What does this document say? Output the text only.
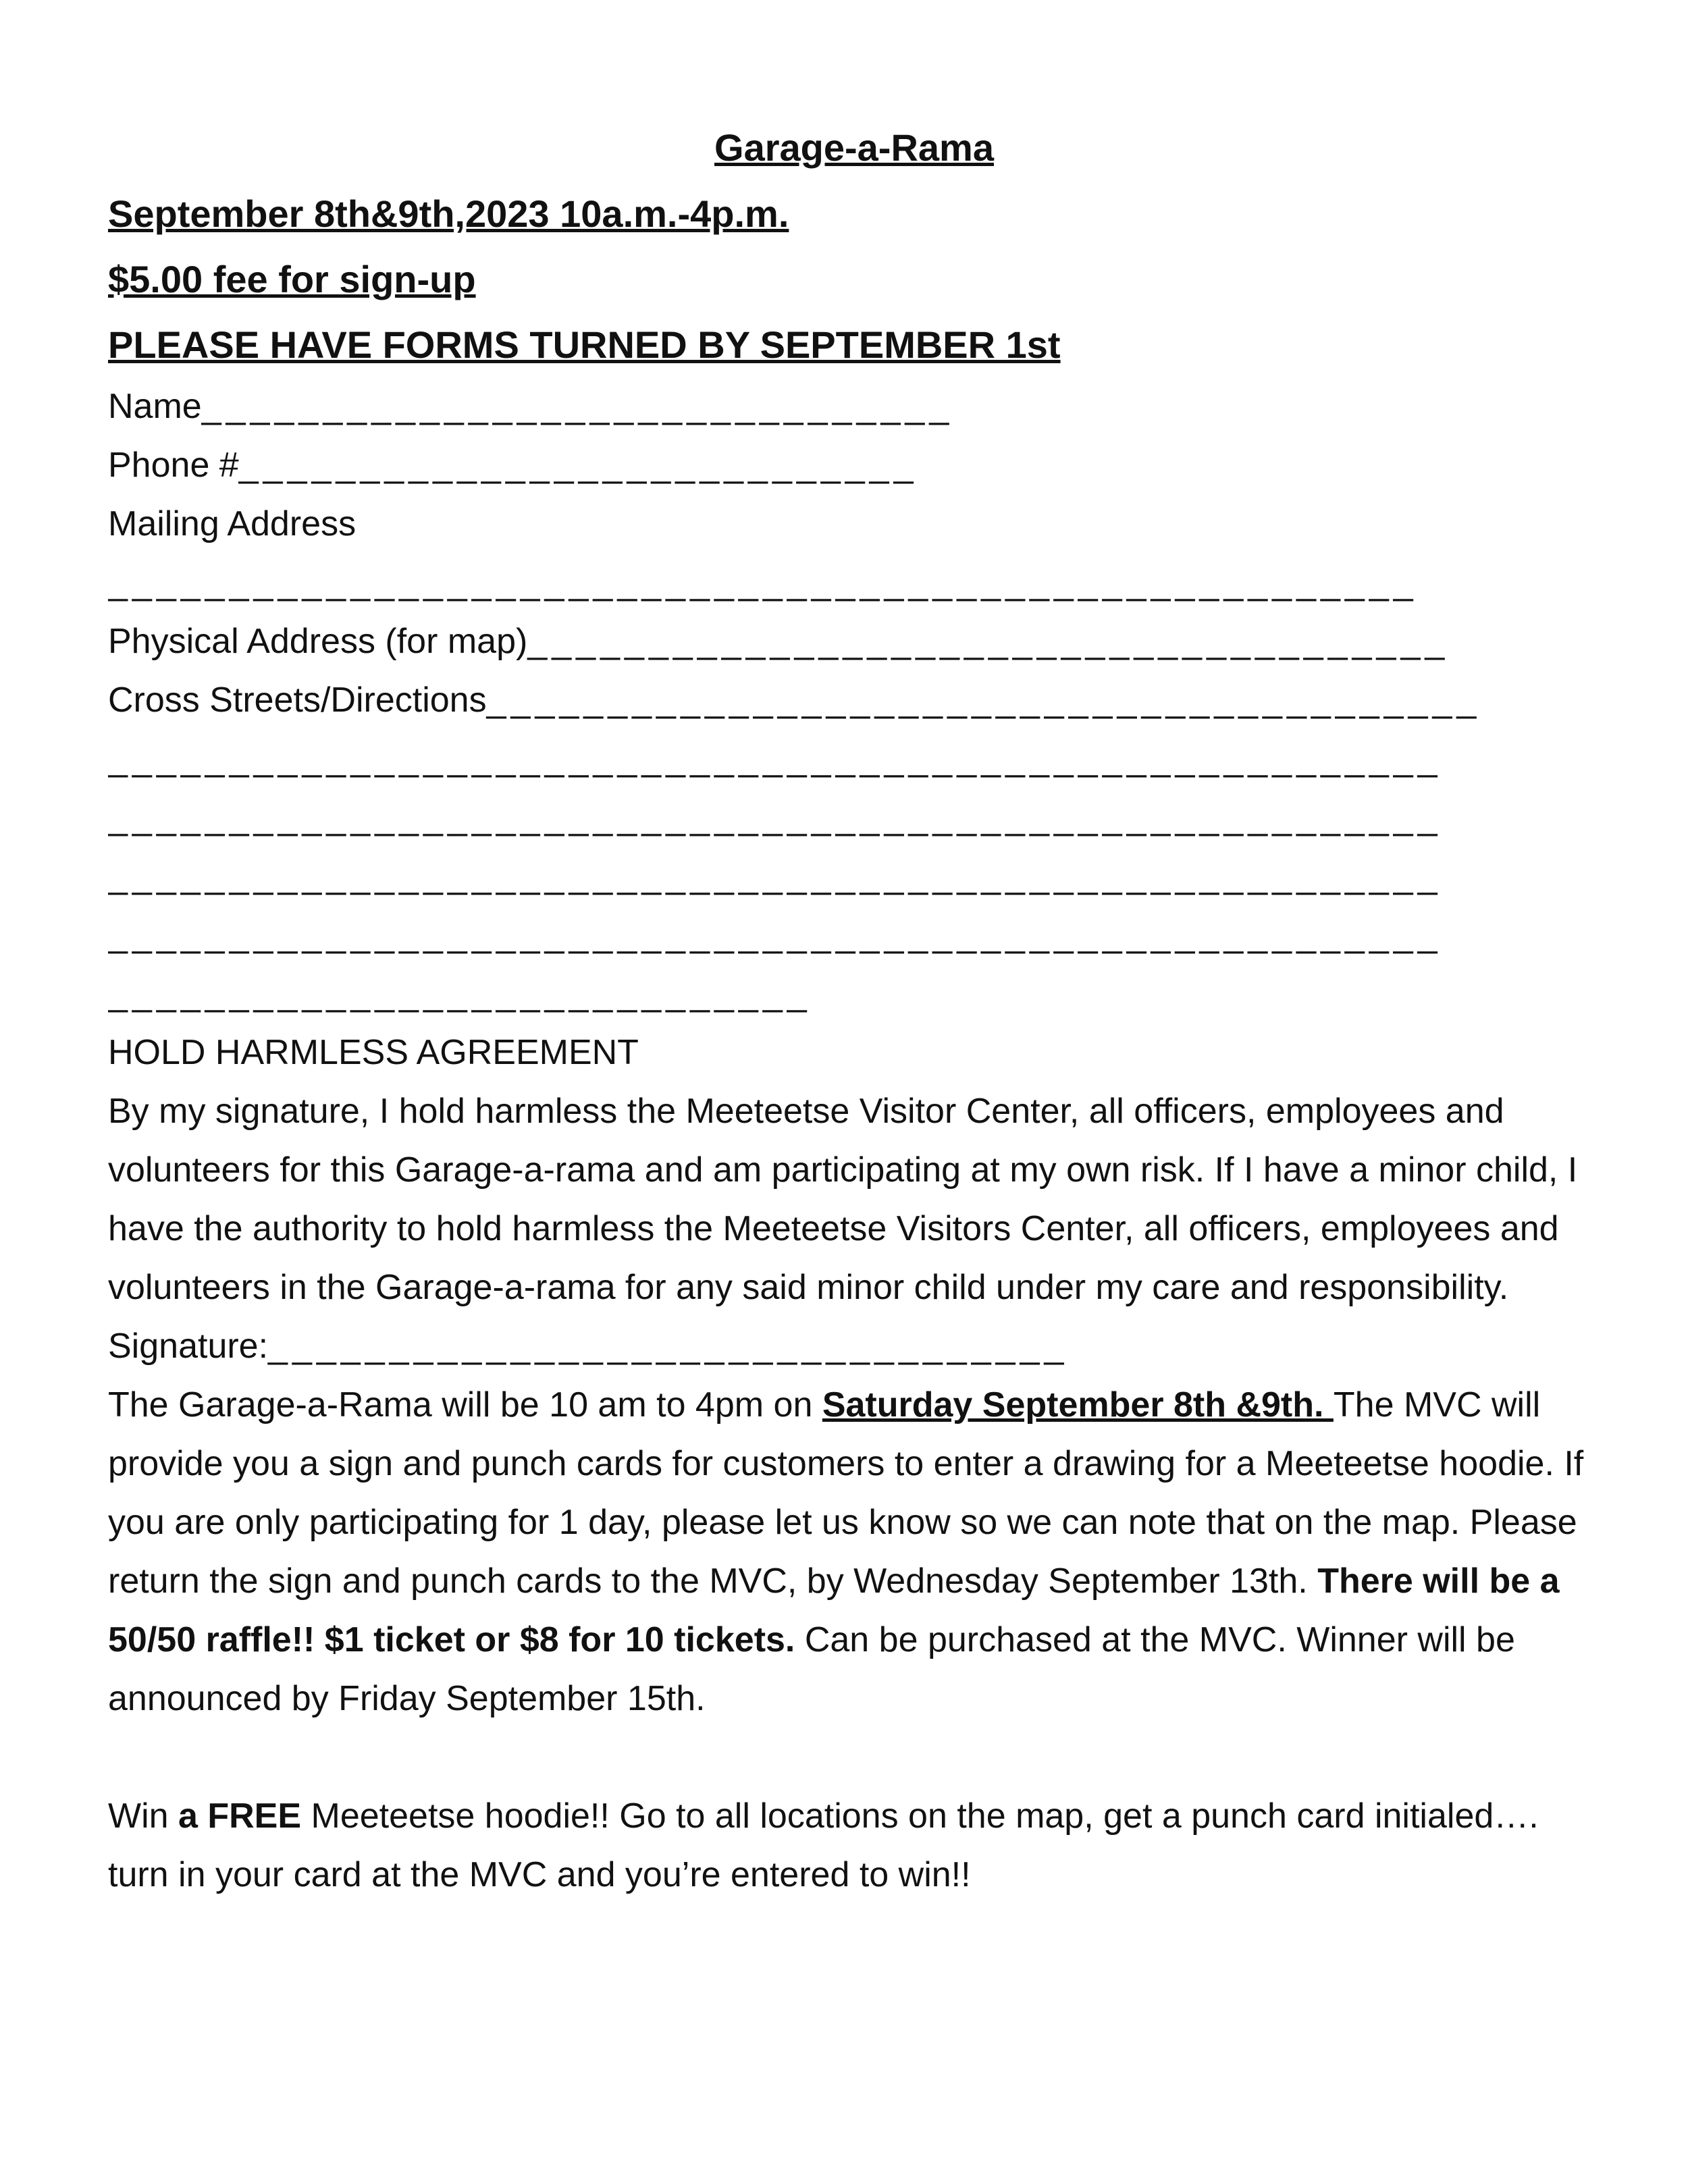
Garage-a-Rama
September 8th&9th,2023 10a.m.-4p.m.
$5.00 fee for sign-up
PLEASE HAVE FORMS TURNED BY SEPTEMBER 1st
Name_______________________________
Phone #____________________________
Mailing Address
______________________________________________________
Physical Address (for map)______________________________________
Cross Streets/Directions_________________________________________
_______________________________________________________
_______________________________________________________
_______________________________________________________
_______________________________________________________
_____________________________
HOLD HARMLESS AGREEMENT

By my signature, I hold harmless the Meeteetse Visitor Center, all officers, employees and volunteers for this Garage-a-rama and am participating at my own risk. If I have a minor child, I have the authority to hold harmless the Meeteetse Visitors Center, all officers, employees and volunteers in the Garage-a-rama for any said minor child under my care and responsibility.

Signature:_________________________________

The Garage-a-Rama will be 10 am to 4pm on Saturday September 8th &9th. The MVC will provide you a sign and punch cards for customers to enter a drawing for a Meeteetse hoodie. If you are only participating for 1 day, please let us know so we can note that on the map. Please return the sign and punch cards to the MVC, by Wednesday September 13th. There will be a 50/50 raffle!! $1 ticket or $8 for 10 tickets. Can be purchased at the MVC. Winner will be announced by Friday September 15th.

Win a FREE Meeteetse hoodie!! Go to all locations on the map, get a punch card initialed…. turn in your card at the MVC and you’re entered to win!!
